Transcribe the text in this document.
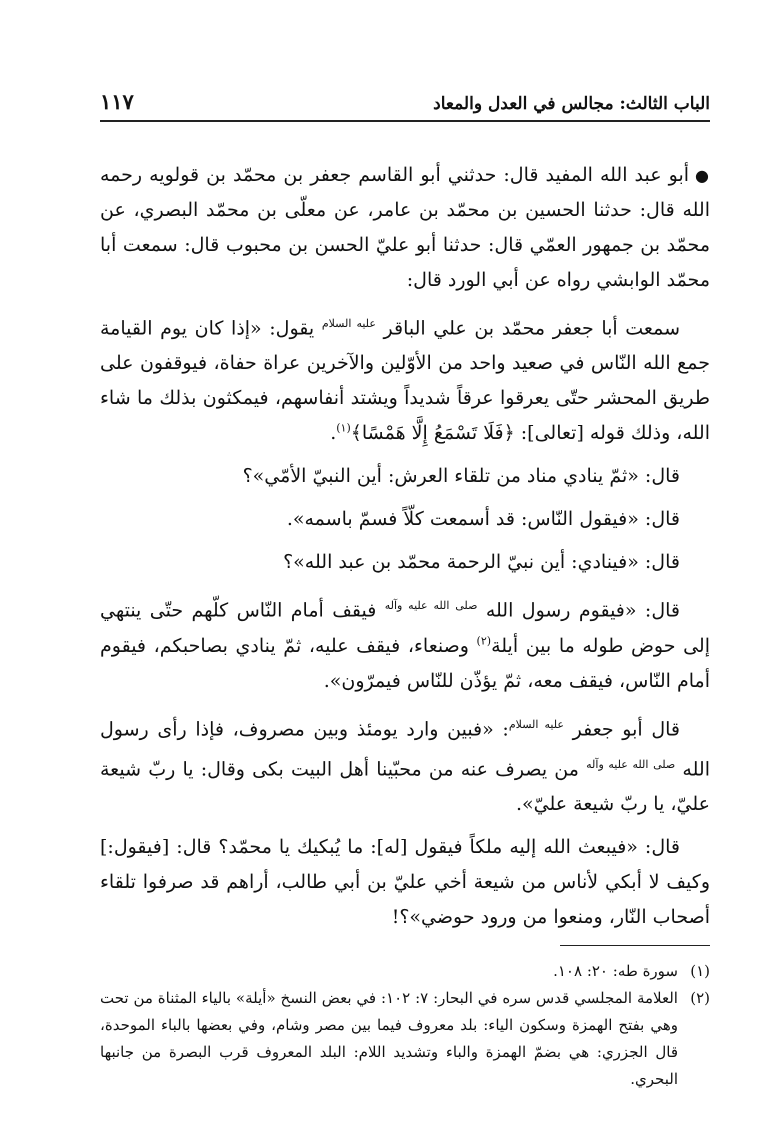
الباب الثالث: مجالس في العدل والمعاد
١١٧

●أبو عبد الله المفيد قال: حدثني أبو القاسم جعفر بن محمّد بن قولويه رحمه الله قال: حدثنا الحسين بن محمّد بن عامر، عن معلّى بن محمّد البصري، عن محمّد بن جمهور العمّي قال: حدثنا أبو عليّ الحسن بن محبوب قال: سمعت أبا محمّد الوابشي رواه عن أبي الورد قال:

سمعت أبا جعفر محمّد بن علي الباقر $^{عليه السلام}$ يقول: «إذا كان يوم القيامة جمع الله النّاس في صعيد واحد من الأوّلين والآخرين عراة حفاة، فيوقفون على طريق المحشر حتّى يعرقوا عرقاً شديداً ويشتد أنفاسهم، فيمكثون بذلك ما شاء الله، وذلك قوله [تعالى]: ﴿فَلَا تَسْمَعُ إِلَّا هَمْسًا﴾$^{(١)}$.

قال: «ثمّ ينادي مناد من تلقاء العرش: أين النبيّ الأمّي»؟

قال: «فيقول النّاس: قد أسمعت كلّاً فسمّ باسمه».

قال: «فينادي: أين نبيّ الرحمة محمّد بن عبد الله»؟

قال: «فيقوم رسول الله $^{صلى الله عليه وآله}$ فيقف أمام النّاس كلّهم حتّى ينتهي إلى حوض طوله ما بين أيلة$^{(٢)}$ وصنعاء، فيقف عليه، ثمّ ينادي بصاحبكم، فيقوم أمام النّاس، فيقف معه، ثمّ يؤذّن للنّاس فيمرّون».

قال أبو جعفر $^{عليه السلام}$: «فبين وارد يومئذ وبين مصروف، فإذا رأى رسول الله $^{صلى الله عليه وآله}$ من يصرف عنه من محبّينا أهل البيت بكى وقال: يا ربّ شيعة عليّ، يا ربّ شيعة عليّ».

قال: «فيبعث الله إليه ملكاً فيقول [له]: ما يُبكيك يا محمّد؟ قال: [فيقول:] وكيف لا أبكي لأناس من شيعة أخي عليّ بن أبي طالب، أراهم قد صرفوا تلقاء أصحاب النّار، ومنعوا من ورود حوضي»؟!

(١)
سورة طه: ٢٠: ١٠٨.
(٢)
العلامة المجلسي قدس سره في البحار: ٧: ١٠٢: في بعض النسخ «أيلة» بالياء المثناة من تحت وهي بفتح الهمزة وسكون الياء: بلد معروف فيما بين مصر وشام، وفي بعضها بالباء الموحدة، قال الجزري: هي بضمّ الهمزة والباء وتشديد اللام: البلد المعروف قرب البصرة من جانبها البحري.
